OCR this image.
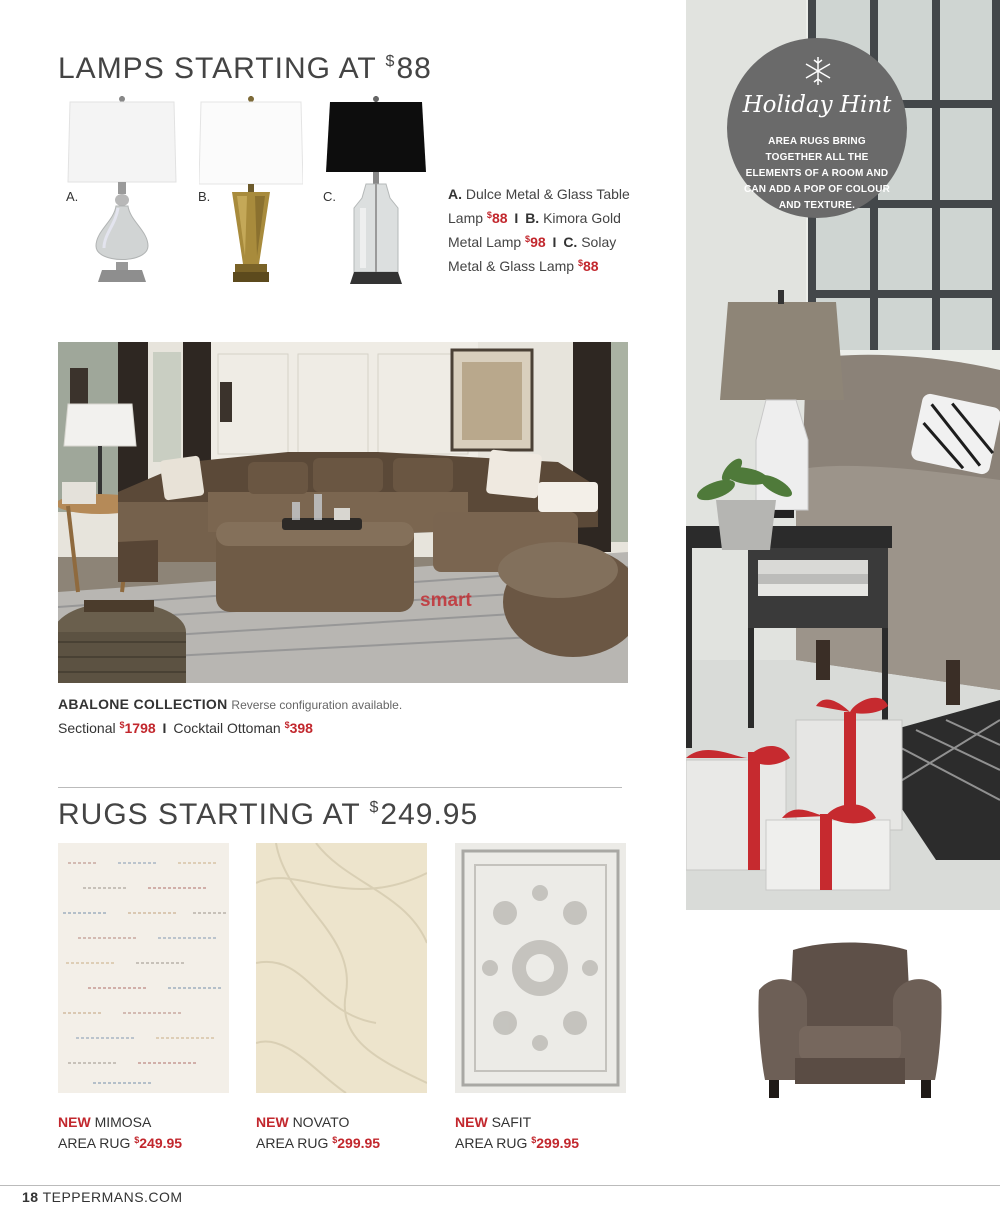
LAMPS STARTING AT $88
A.	B.	C.	A. Dulce Metal & Glass Table Lamp $88 I B. Kimora Gold Metal Lamp $98 I C. Solay Metal & Glass Lamp $88
smart
ABALONE COLLECTION Reverse configuration available.
Sectional $1798 I Cocktail Ottoman $398
RUGS STARTING AT $249.95
NEW MIMOSA
AREA RUG $249.95
NEW NOVATO
AREA RUG $299.95
NEW SAFIT
AREA RUG $299.95
Holiday Hint
AREA RUGS BRING TOGETHER ALL THE ELEMENTS OF A ROOM AND CAN ADD A POP OF COLOUR AND TEXTURE.
18 TEPPERMANS.COM
